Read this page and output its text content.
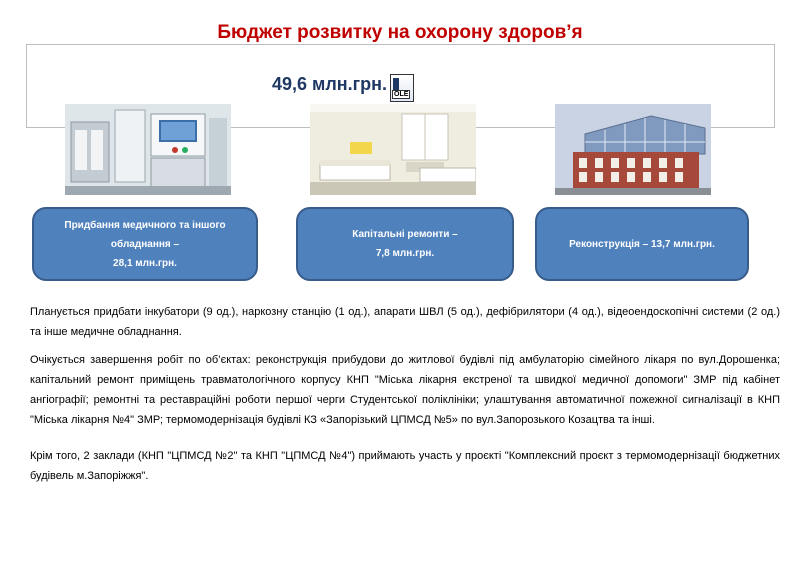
Бюджет розвитку на охорону здоров’я
49,6 млн.грн.
OLE
Придбання медичного та іншого
обладнання –
28,1 млн.грн.
Капітальні ремонти –
7,8 млн.грн.
Реконструкція – 13,7 млн.грн.
Планується придбати інкубатори (9 од.), наркозну станцію (1 од.), апарати ШВЛ (5 од.), дефібрилятори (4 од.), відеоендоскопічні системи (2 од.) та інше медичне обладнання.
Очікується завершення робіт по об’єктах: реконструкція прибудови до житлової будівлі під амбулаторію сімейного лікаря по вул.Дорошенка; капітальний ремонт приміщень травматологічного корпусу КНП "Міська лікарня екстреної та швидкої медичної допомоги" ЗМР під кабінет ангіографії; ремонтні та реставраційні роботи першої черги Студентської поліклініки; улаштування автоматичної пожежної сигналізації в КНП "Міська лікарня №4" ЗМР; термомодернізація будівлі КЗ «Запорізький ЦПМСД №5» по вул.Запорозького Козацтва та інші.
Крім того, 2 заклади (КНП "ЦПМСД №2" та КНП "ЦПМСД №4") приймають участь у проєкті "Комплексний проєкт з термомодернізації бюджетних будівель м.Запоріжжя".
